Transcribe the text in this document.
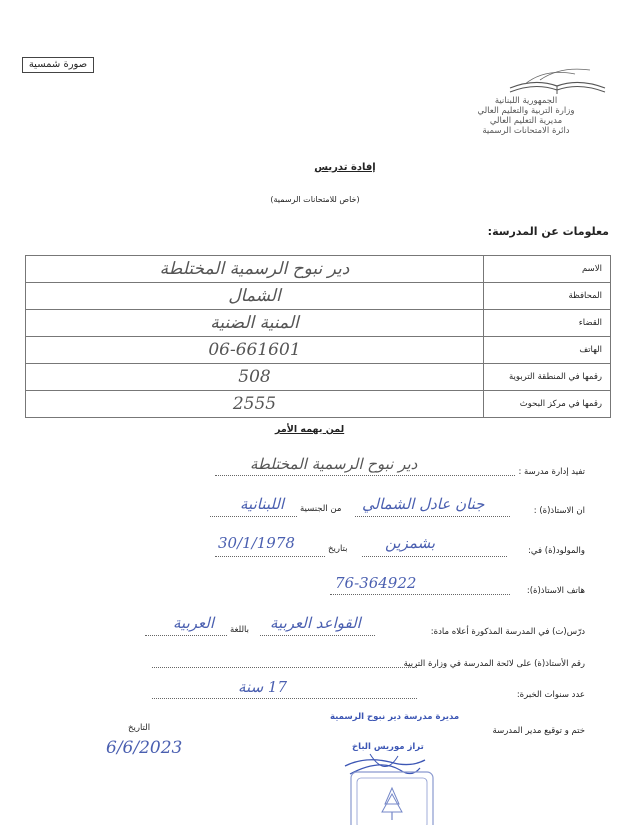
صورة شمسية
الجمهورية اللبنانية
وزارة التربية والتعليم العالي
مديرية التعليم العالي
دائرة الامتحانات الرسمية
إفادة تدريس
(خاص للامتحانات الرسمية)
معلومات عن المدرسة:
دير نبوح الرسمية المختلطة	الاسم
الشمال	المحافظة
المنية الضنية	القضاء
06-661601	الهاتف
508	رقمها في المنطقة التربوية
2555	رقمها في مركز البحوث
لمن يهمه الأمر
تفيد إدارة مدرسة :
دير نبوح الرسمية المختلطة
ان الاستاذ(ة) :
اللبنانية من الجنسية جنان عادل الشمالي
والمولود(ة) في:
30/1/1978	بتاريخ	بشمزين
هاتف الاستاذ(ة):
76-364922
درّس(ت) في المدرسة المذكورة أعلاه مادة:
القواعد العربية
باللغة
العربية
رقم الأستاذ(ة) على لائحة المدرسة في وزارة التربية
عدد سنوات الخبرة:
17 سنة
ختم و توقيع مدير المدرسة
التاريخ
6/6/2023
مديرة مدرسة دير نبوح الرسمية
تراز موريس الباخ
